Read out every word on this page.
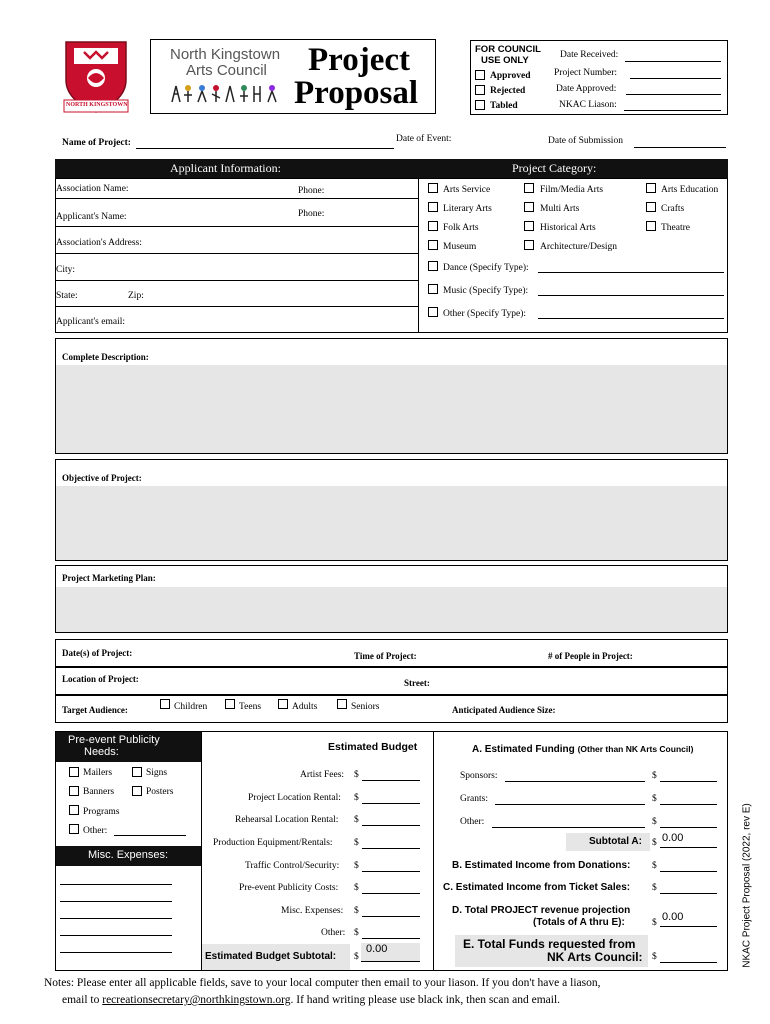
NORTH KINGSTOWN
North Kingstown
Arts Council Project
Proposal
FOR COUNCIL
USE ONLY
Approved
Rejected
Tabled
Date Received:
Project Number:
Date Approved:
NKAC Liason:
Name of Project:	Date of Event:	Date of Submission
Applicant Information:	Project Category:
Association Name:	Phone:
Applicant's Name:	Phone:
Association's Address:
City:
State:	Zip:
Applicant's email:
Arts Service	Film/Media Arts	Arts Education
Literary Arts	Multi Arts	Crafts
Folk Arts	Historical Arts	Theatre
Museum	Architecture/Design
Dance (Specify Type):
Music (Specify Type):
Other (Specify Type):
Complete Description:
Objective of Project:
Project Marketing Plan:
Date(s) of Project:	Time of Project:	# of People in Project:
Location of Project:	Street:
Target Audience:	Children	Teens	Adults	Seniors	Anticipated Audience Size:
Pre-event Publicity
Needs:
Mailers	Signs
Banners	Posters
Programs
Other:
Misc. Expenses:
Estimated Budget
Artist Fees: $
Project Location Rental: $
Rehearsal Location Rental: $
Production Equipment/Rentals: $
Traffic Control/Security: $
Pre-event Publicity Costs: $
Misc. Expenses: $
Other: $
Estimated Budget Subtotal: $
0.00
A. Estimated Funding (Other than NK Arts Council)
Sponsors:	$
Grants:	$
Other:	$
Subtotal A: $ 0.00
B. Estimated Income from Donations: $
C. Estimated Income from Ticket Sales: $
D. Total PROJECT revenue projection
(Totals of A thru E):	$ 0.00
E. Total Funds requested from
NK Arts Council: $	NKAC Project Proposal (2022, rev E)
Notes: Please enter all applicable fields, save to your local computer then email to your liason. If you don't have a liason,
email to recreationsecretary@northkingstown.org. If hand writing please use black ink, then scan and email.
